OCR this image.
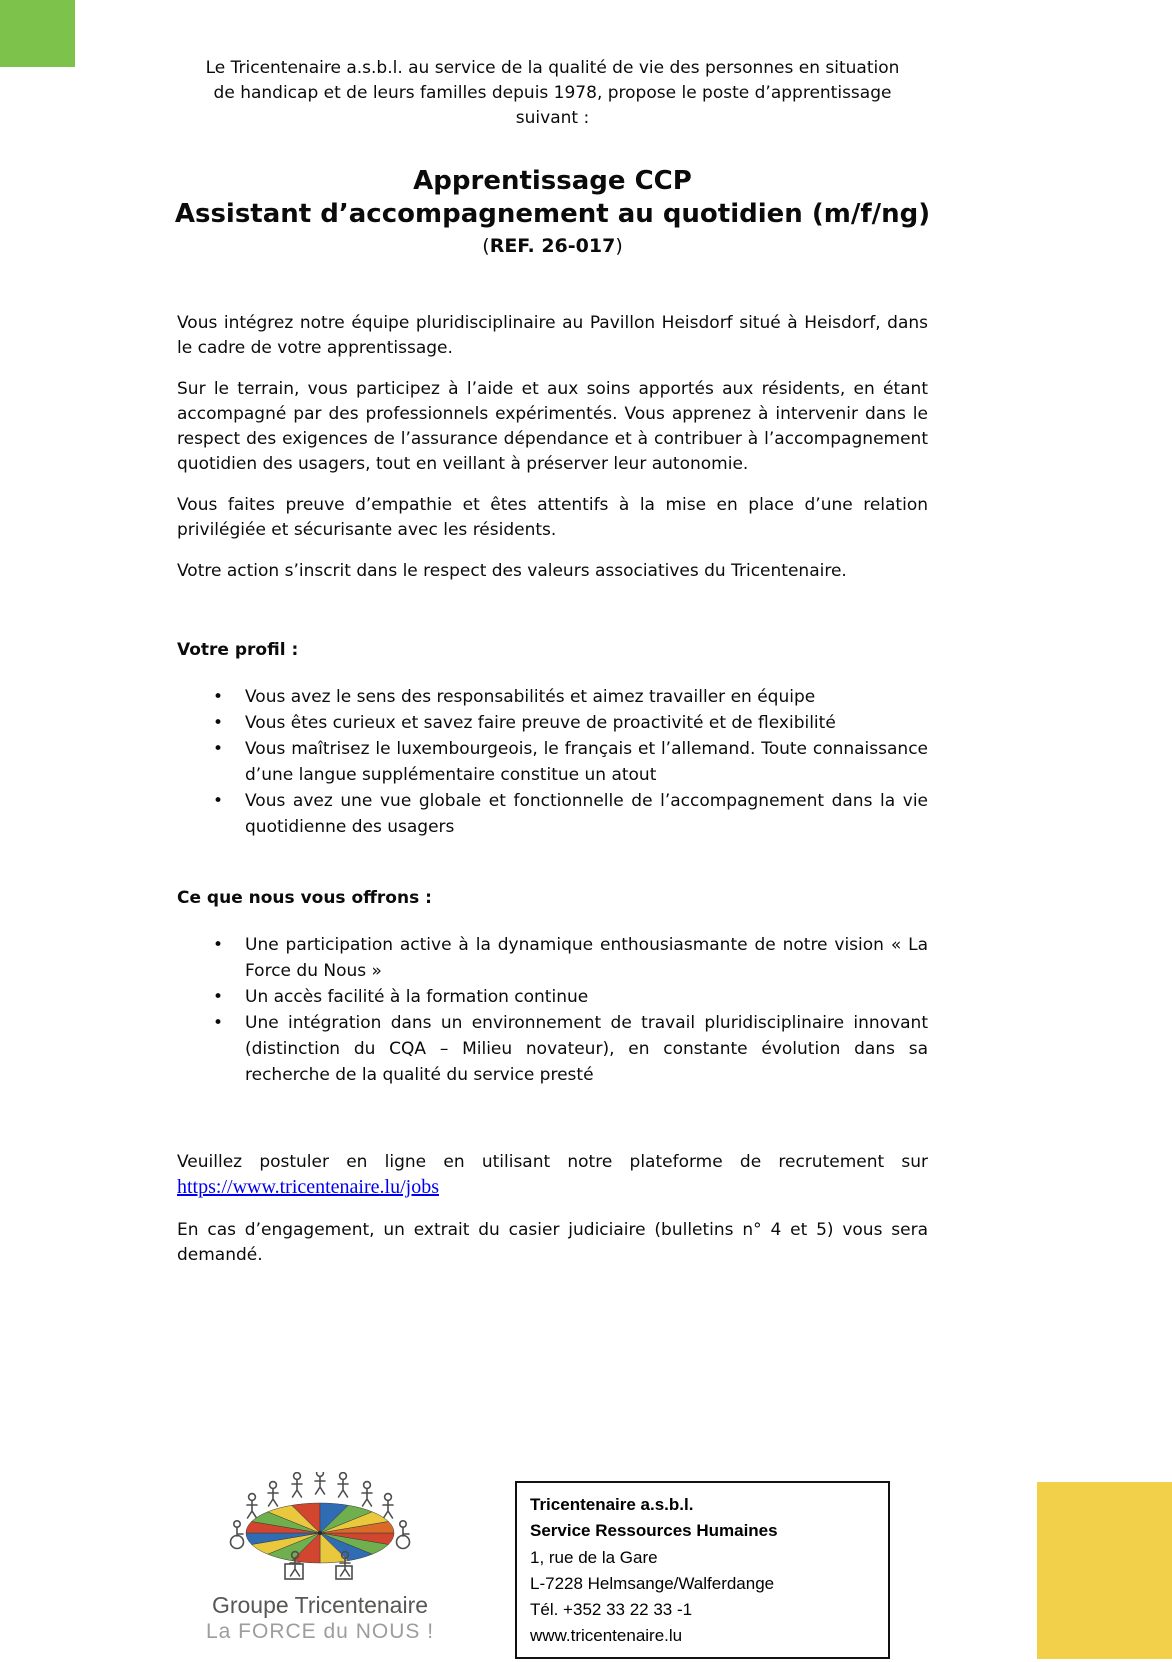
Le Tricentenaire a.s.b.l. au service de la qualité de vie des personnes en situation de handicap et de leurs familles depuis 1978, propose le poste d’apprentissage suivant :
Apprentissage CCP
Assistant d’accompagnement au quotidien (m/f/ng)
(REF. 26-017)

Vous intégrez notre équipe pluridisciplinaire au Pavillon Heisdorf situé à Heisdorf, dans le cadre de votre apprentissage.

Sur le terrain, vous participez à l’aide et aux soins apportés aux résidents, en étant accompagné par des professionnels expérimentés. Vous apprenez à intervenir dans le respect des exigences de l’assurance dépendance et à contribuer à l’accompagnement quotidien des usagers, tout en veillant à préserver leur autonomie.

Vous faites preuve d’empathie et êtes attentifs à la mise en place d’une relation privilégiée et sécurisante avec les résidents.

Votre action s’inscrit dans le respect des valeurs associatives du Tricentenaire.

Votre profil :
•
Vous avez le sens des responsabilités et aimez travailler en équipe
•
Vous êtes curieux et savez faire preuve de proactivité et de flexibilité
•
Vous maîtrisez le luxembourgeois, le français et l’allemand. Toute connaissance d’une langue supplémentaire constitue un atout
•
Vous avez une vue globale et fonctionnelle de l’accompagnement dans la vie quotidienne des usagers
Ce que nous vous offrons :
•
Une participation active à la dynamique enthousiasmante de notre vision « La Force du Nous »
•
Un accès facilité à la formation continue
•
Une intégration dans un environnement de travail pluridisciplinaire innovant (distinction du CQA – Milieu novateur), en constante évolution dans sa recherche de la qualité du service presté

Veuillez postuler en ligne en utilisant notre plateforme de recrutement sur https://www.tricentenaire.lu/jobs

En cas d’engagement, un extrait du casier judiciaire (bulletins n° 4 et 5) vous sera demandé.

Groupe Tricentenaire
La FORCE du NOUS !
Tricentenaire a.s.b.l.
Service Ressources Humaines
1, rue de la Gare
L-7228 Helmsange/Walferdange
Tél. +352 33 22 33 -1
www.tricentenaire.lu
